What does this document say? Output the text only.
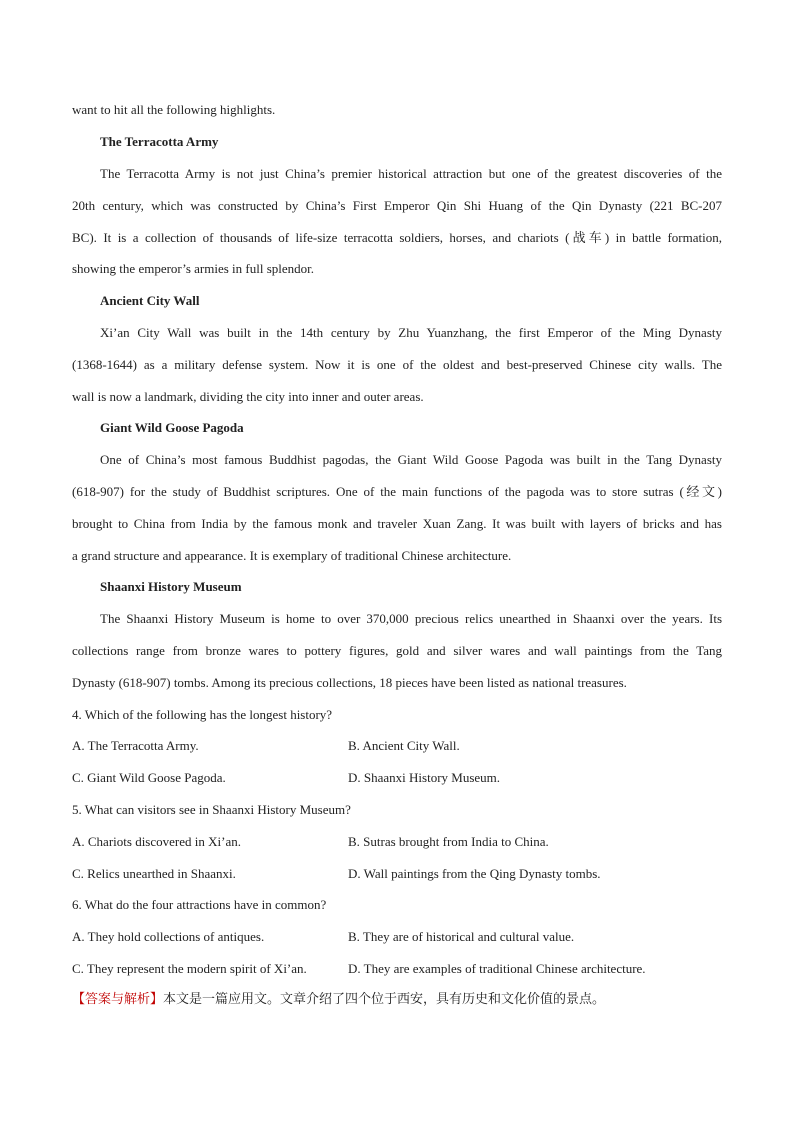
want to hit all the following highlights.
The Terracotta Army
The Terracotta Army is not just China’s premier historical attraction but one of the greatest discoveries of the
20th century, which was constructed by China’s First Emperor Qin Shi Huang of the Qin Dynasty (221 BC-207
BC). It is a collection of thousands of life-size terracotta soldiers, horses, and chariots (战车) in battle formation,
showing the emperor’s armies in full splendor.
Ancient City Wall
Xi’an City Wall was built in the 14th century by Zhu Yuanzhang, the first Emperor of the Ming Dynasty
(1368-1644) as a military defense system. Now it is one of the oldest and best-preserved Chinese city walls. The
wall is now a landmark, dividing the city into inner and outer areas.
Giant Wild Goose Pagoda
One of China’s most famous Buddhist pagodas, the Giant Wild Goose Pagoda was built in the Tang Dynasty
(618-907) for the study of Buddhist scriptures. One of the main functions of the pagoda was to store sutras (经文)
brought to China from India by the famous monk and traveler Xuan Zang. It was built with layers of bricks and has
a grand structure and appearance. It is exemplary of traditional Chinese architecture.
Shaanxi History Museum
The Shaanxi History Museum is home to over 370,000 precious relics unearthed in Shaanxi over the years. Its
collections range from bronze wares to pottery figures, gold and silver wares and wall paintings from the Tang
Dynasty (618-907) tombs. Among its precious collections, 18 pieces have been listed as national treasures.
4. Which of the following has the longest history?
A. The Terracotta Army.	B. Ancient City Wall.
C. Giant Wild Goose Pagoda.	D. Shaanxi History Museum.
5. What can visitors see in Shaanxi History Museum?
A. Chariots discovered in Xi’an.	B. Sutras brought from India to China.
C. Relics unearthed in Shaanxi.	D. Wall paintings from the Qing Dynasty tombs.
6. What do the four attractions have in common?
A. They hold collections of antiques.	B. They are of historical and cultural value.
C. They represent the modern spirit of Xi’an.	D. They are examples of traditional Chinese architecture.
【答案与解析】本文是一篇应用文。文章介绍了四个位于西安，具有历史和文化价值的景点。
